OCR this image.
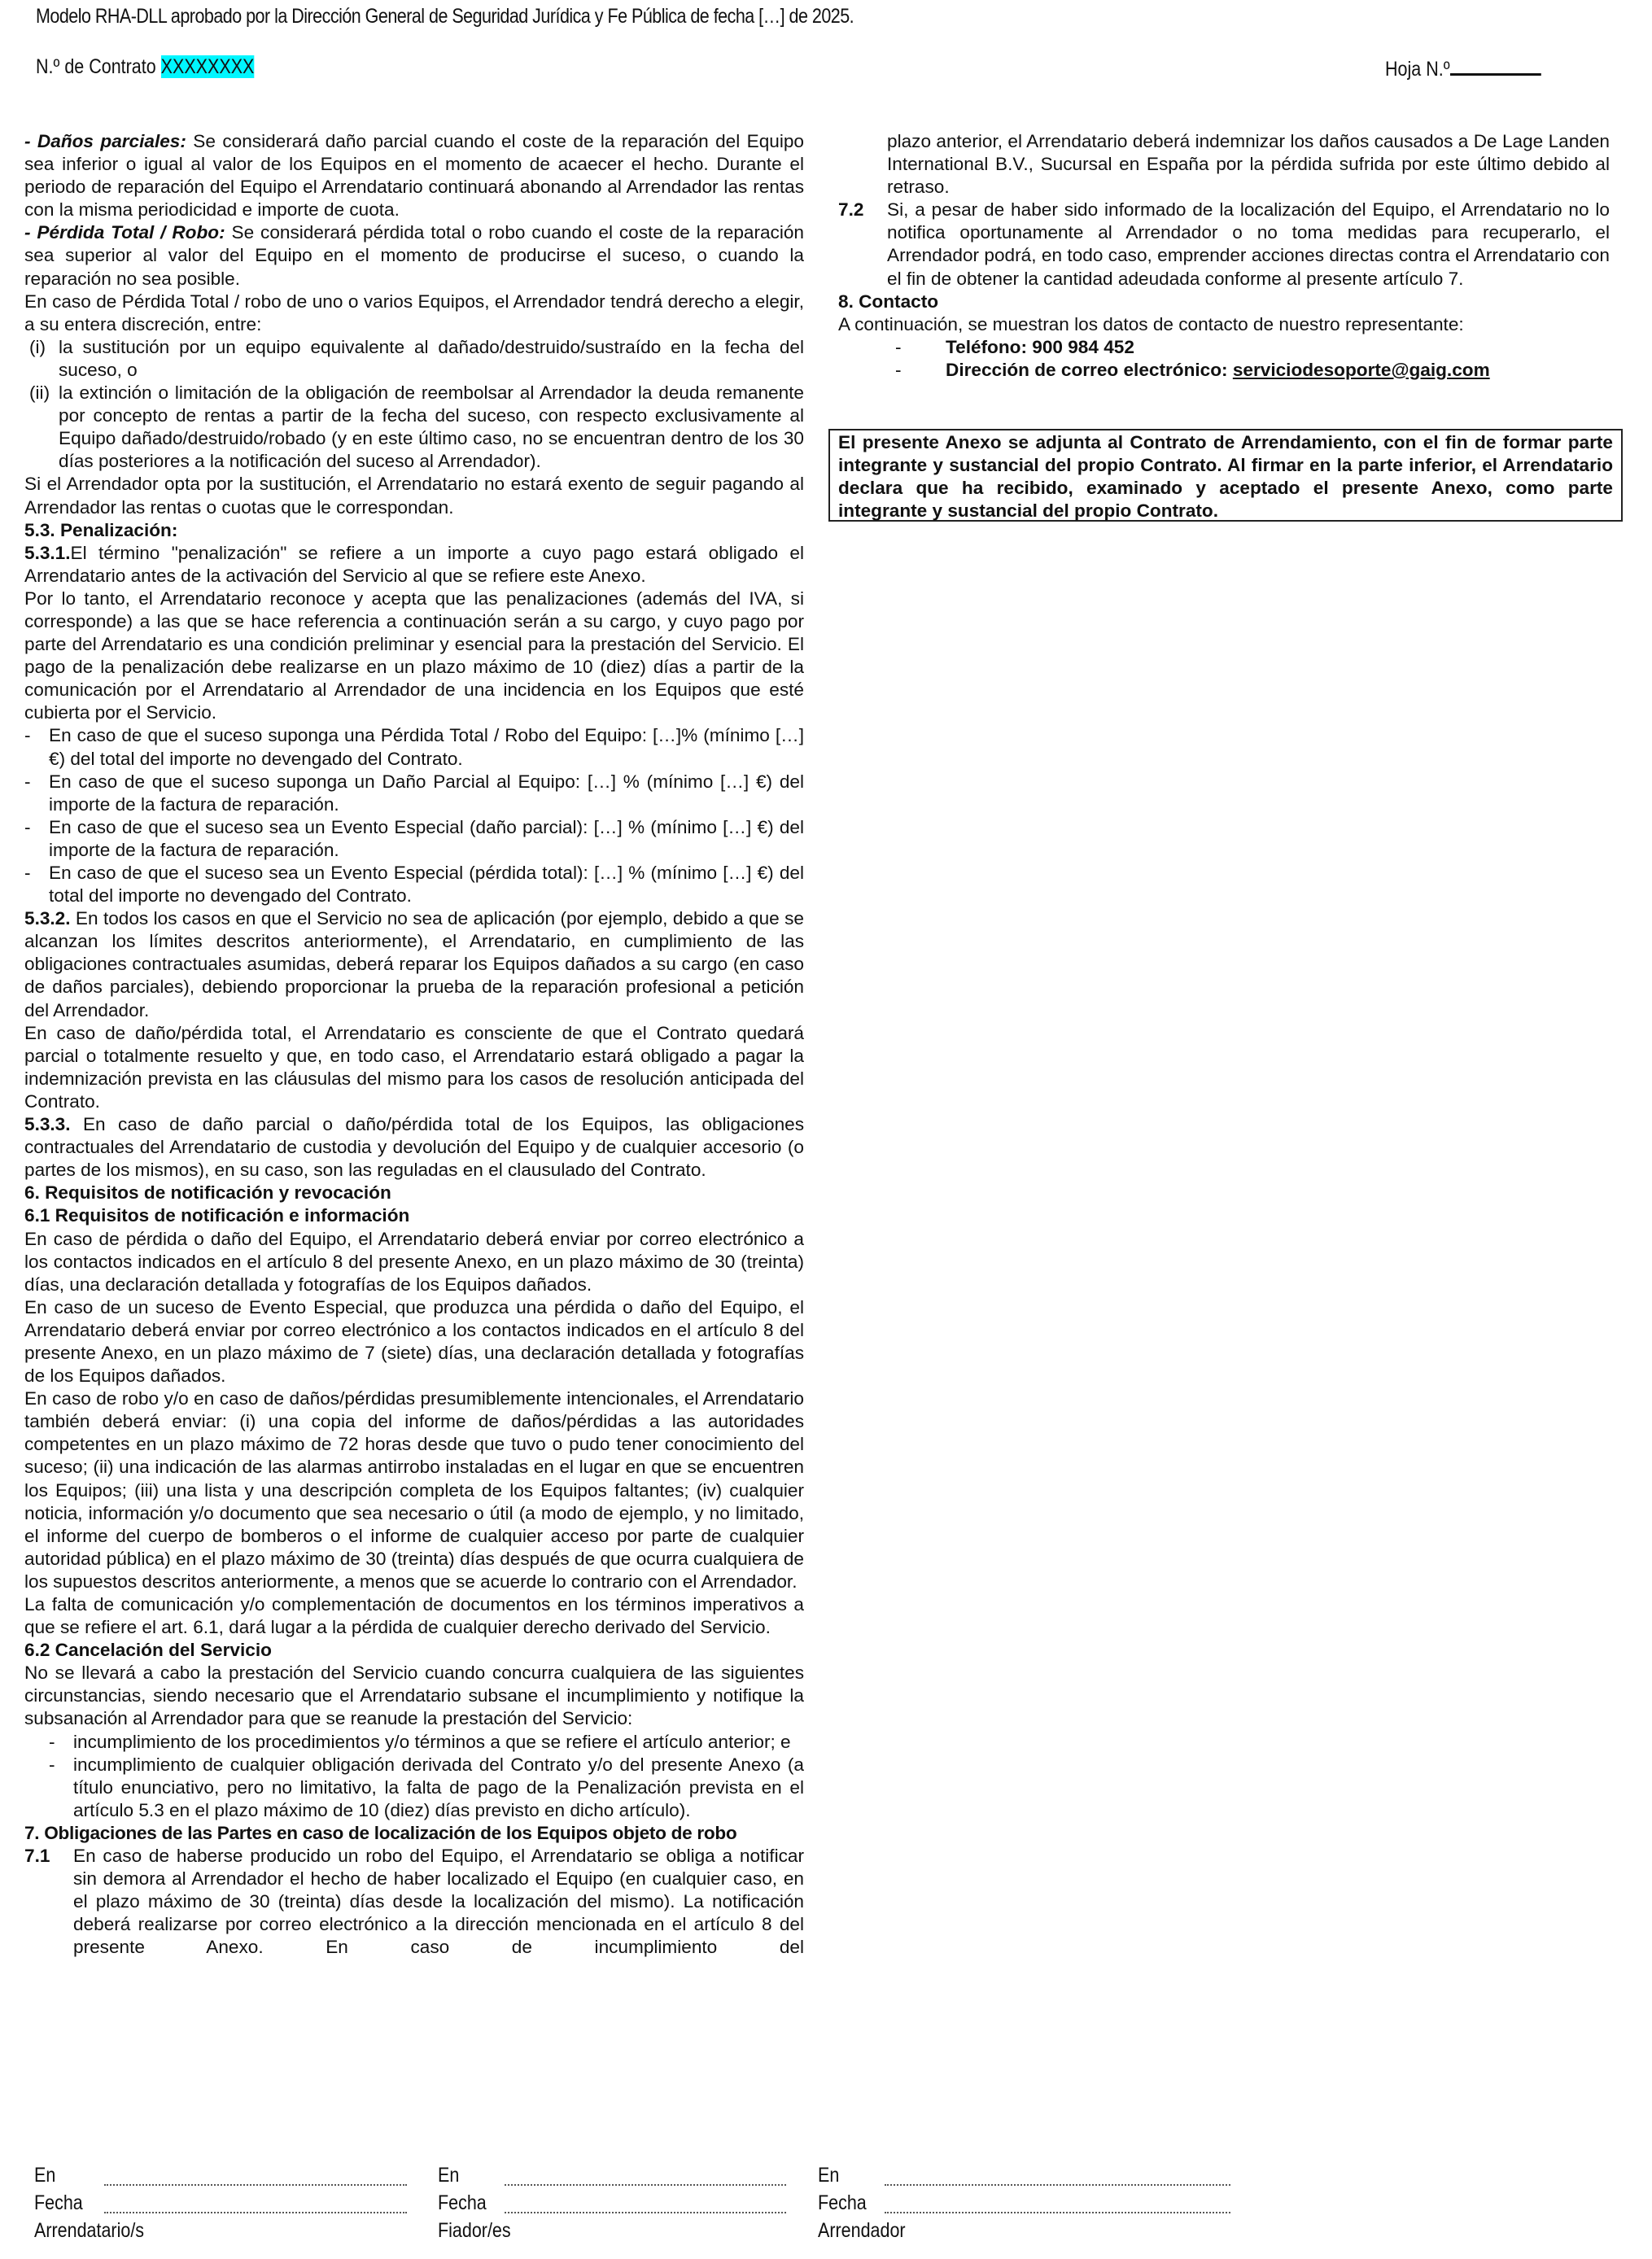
Modelo RHA-DLL aprobado por la Dirección General de Seguridad Jurídica y Fe Pública de fecha […] de 2025.
N.º de Contrato XXXXXXXX	Hoja N.º

- Daños parciales: Se considerará daño parcial cuando el coste de la reparación del Equipo sea inferior o igual al valor de los Equipos en el momento de acaecer el hecho. Durante el periodo de reparación del Equipo el Arrendatario continuará abonando al Arrendador las rentas con la misma periodicidad e importe de cuota.

- Pérdida Total / Robo: Se considerará pérdida total o robo cuando el coste de la reparación sea superior al valor del Equipo en el momento de producirse el suceso, o cuando la reparación no sea posible.

En caso de Pérdida Total / robo de uno o varios Equipos, el Arrendador tendrá derecho a elegir, a su entera discreción, entre:

(i) la sustitución por un equipo equivalente al dañado/destruido/sustraído en la fecha del suceso, o
(ii) la extinción o limitación de la obligación de reembolsar al Arrendador la deuda remanente por concepto de rentas a partir de la fecha del suceso, con respecto exclusivamente al Equipo dañado/destruido/robado (y en este último caso, no se encuentran dentro de los 30 días posteriores a la notificación del suceso al Arrendador).

Si el Arrendador opta por la sustitución, el Arrendatario no estará exento de seguir pagando al Arrendador las rentas o cuotas que le correspondan.

5.3. Penalización:

5.3.1.El término "penalización" se refiere a un importe a cuyo pago estará obligado el Arrendatario antes de la activación del Servicio al que se refiere este Anexo.

Por lo tanto, el Arrendatario reconoce y acepta que las penalizaciones (además del IVA, si corresponde) a las que se hace referencia a continuación serán a su cargo, y cuyo pago por parte del Arrendatario es una condición preliminar y esencial para la prestación del Servicio. El pago de la penalización debe realizarse en un plazo máximo de 10 (diez) días a partir de la comunicación por el Arrendatario al Arrendador de una incidencia en los Equipos que esté cubierta por el Servicio.

- En caso de que el suceso suponga una Pérdida Total / Robo del Equipo: […]% (mínimo […] €) del total del importe no devengado del Contrato.
- En caso de que el suceso suponga un Daño Parcial al Equipo: […] % (mínimo […] €) del importe de la factura de reparación.
- En caso de que el suceso sea un Evento Especial (daño parcial): […] % (mínimo […] €) del importe de la factura de reparación.
- En caso de que el suceso sea un Evento Especial (pérdida total): […] % (mínimo […] €) del total del importe no devengado del Contrato.

5.3.2. En todos los casos en que el Servicio no sea de aplicación (por ejemplo, debido a que se alcanzan los límites descritos anteriormente), el Arrendatario, en cumplimiento de las obligaciones contractuales asumidas, deberá reparar los Equipos dañados a su cargo (en caso de daños parciales), debiendo proporcionar la prueba de la reparación profesional a petición del Arrendador.

En caso de daño/pérdida total, el Arrendatario es consciente de que el Contrato quedará parcial o totalmente resuelto y que, en todo caso, el Arrendatario estará obligado a pagar la indemnización prevista en las cláusulas del mismo para los casos de resolución anticipada del Contrato.

5.3.3. En caso de daño parcial o daño/pérdida total de los Equipos, las obligaciones contractuales del Arrendatario de custodia y devolución del Equipo y de cualquier accesorio (o partes de los mismos), en su caso, son las reguladas en el clausulado del Contrato.

6. Requisitos de notificación y revocación

6.1 Requisitos de notificación e información

En caso de pérdida o daño del Equipo, el Arrendatario deberá enviar por correo electrónico a los contactos indicados en el artículo 8 del presente Anexo, en un plazo máximo de 30 (treinta) días, una declaración detallada y fotografías de los Equipos dañados.

En caso de un suceso de Evento Especial, que produzca una pérdida o daño del Equipo, el Arrendatario deberá enviar por correo electrónico a los contactos indicados en el artículo 8 del presente Anexo, en un plazo máximo de 7 (siete) días, una declaración detallada y fotografías de los Equipos dañados.

En caso de robo y/o en caso de daños/pérdidas presumiblemente intencionales, el Arrendatario también deberá enviar: (i) una copia del informe de daños/pérdidas a las autoridades competentes en un plazo máximo de 72 horas desde que tuvo o pudo tener conocimiento del suceso; (ii) una indicación de las alarmas antirrobo instaladas en el lugar en que se encuentren los Equipos; (iii) una lista y una descripción completa de los Equipos faltantes; (iv) cualquier noticia, información y/o documento que sea necesario o útil (a modo de ejemplo, y no limitado, el informe del cuerpo de bomberos o el informe de cualquier acceso por parte de cualquier autoridad pública) en el plazo máximo de 30 (treinta) días después de que ocurra cualquiera de los supuestos descritos anteriormente, a menos que se acuerde lo contrario con el Arrendador.

La falta de comunicación y/o complementación de documentos en los términos imperativos a que se refiere el art. 6.1, dará lugar a la pérdida de cualquier derecho derivado del Servicio.

6.2 Cancelación del Servicio

No se llevará a cabo la prestación del Servicio cuando concurra cualquiera de las siguientes circunstancias, siendo necesario que el Arrendatario subsane el incumplimiento y notifique la subsanación al Arrendador para que se reanude la prestación del Servicio:

- incumplimiento de los procedimientos y/o términos a que se refiere el artículo anterior; e
- incumplimiento de cualquier obligación derivada del Contrato y/o del presente Anexo (a título enunciativo, pero no limitativo, la falta de pago de la Penalización prevista en el artículo 5.3 en el plazo máximo de 10 (diez) días previsto en dicho artículo).

7. Obligaciones de las Partes en caso de localización de los Equipos objeto de robo

7.1	En caso de haberse producido un robo del Equipo, el Arrendatario se obliga a notificar sin demora al Arrendador el hecho de haber localizado el Equipo (en cualquier caso, en el plazo máximo de 30 (treinta) días desde la localización del mismo). La notificación deberá realizarse por correo electrónico a la dirección mencionada en el artículo 8 del presente Anexo. En caso de incumplimiento del

plazo anterior, el Arrendatario deberá indemnizar los daños causados a De Lage Landen International B.V., Sucursal en España por la pérdida sufrida por este último debido al retraso.

7.2	Si, a pesar de haber sido informado de la localización del Equipo, el Arrendatario no lo notifica oportunamente al Arrendador o no toma medidas para recuperarlo, el Arrendador podrá, en todo caso, emprender acciones directas contra el Arrendatario con el fin de obtener la cantidad adeudada conforme al presente artículo 7.

8. Contacto

A continuación, se muestran los datos de contacto de nuestro representante:

-	Teléfono: 900 984 452
-	Dirección de correo electrónico: serviciodesoporte@gaig.com
El presente Anexo se adjunta al Contrato de Arrendamiento, con el fin de formar parte integrante y sustancial del propio Contrato. Al firmar en la parte inferior, el Arrendatario declara que ha recibido, examinado y aceptado el presente Anexo, como parte integrante y sustancial del propio Contrato.
En
Fecha
Arrendatario/s
En
Fecha
Fiador/es
En
Fecha
Arrendador
